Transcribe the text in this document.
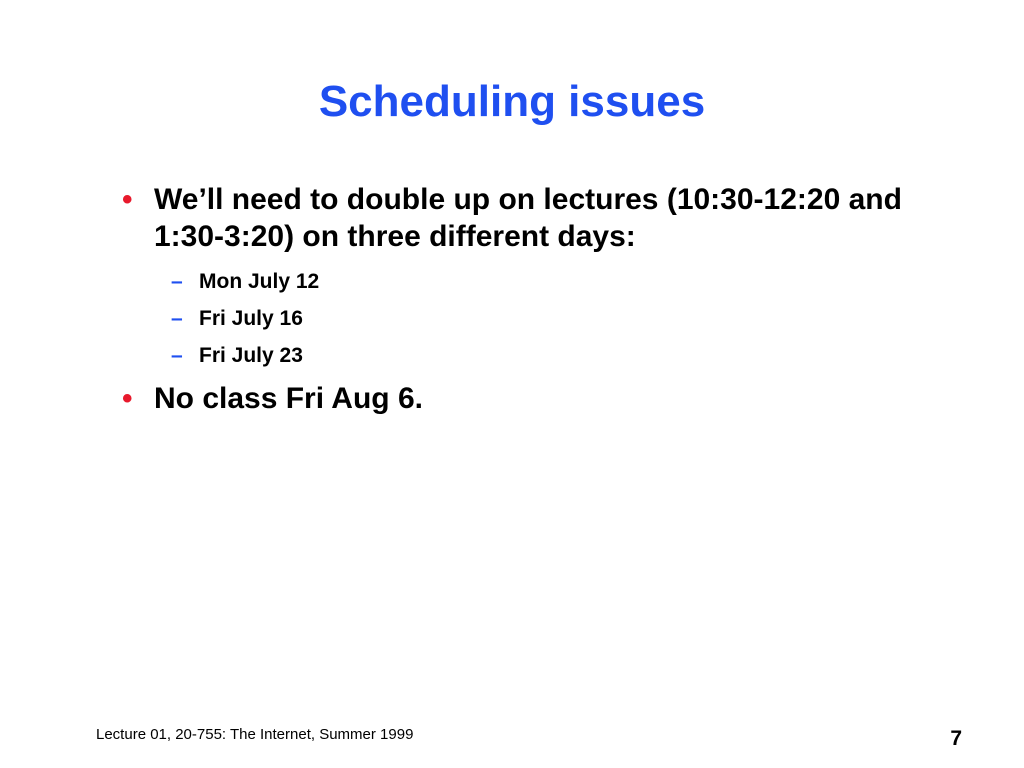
Scheduling issues
• We’ll need to double up on lectures (10:30-12:20 and 1:30-3:20) on three different days:
– Mon July 12
– Fri July 16
– Fri July 23
• No class Fri Aug 6.
Lecture 01, 20-755: The Internet, Summer 1999	7
